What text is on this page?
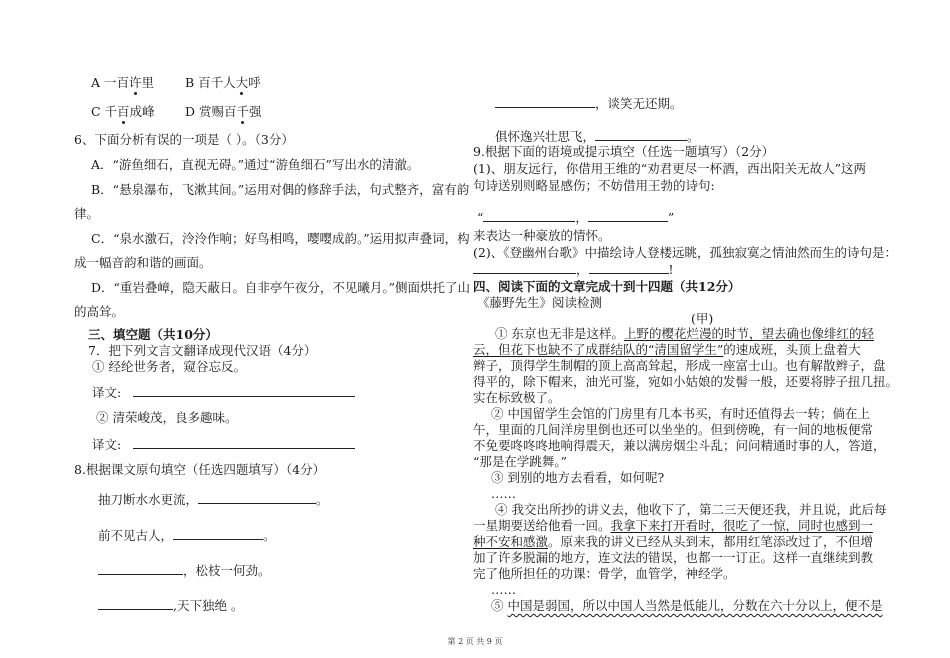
A 一百许里 B 百千人大呼
C 千百成峰 D 赏赐百千强
6、下面分析有误的一项是（ ）。（3分）
A．“游鱼细石，直视无碍。”通过“游鱼细石”写出水的清澈。
B．“悬泉瀑布，飞漱其间。”运用对偶的修辞手法，句式整齐，富有韵
律。
C．“泉水激石，泠泠作响；好鸟相鸣，嘤嘤成韵。”运用拟声叠词，构
成一幅音韵和谐的画面。
D．“重岩叠嶂，隐天蔽日。自非亭午夜分，不见曦月。”侧面烘托了山
的高耸。
三、填空题（共10分）
7．把下列文言文翻译成现代汉语（4分）
① 经纶世务者，窥谷忘反。
译文:
② 清荣峻茂，良多趣味。
译文:
8.根据课文原句填空（任选四题填写）（4分）
抽刀断水水更流，	。
前不见古人，	。
，松枝一何劲。
,天下独绝 。
，谈笑无还期。
俱怀逸兴壮思飞，	。
9.根据下面的语境或提示填空（任选一题填写）（2分）
(1)、朋友远行，你借用王维的“劝君更尽一杯酒，西出阳关无故人”这两
句诗送别则略显感伤；不妨借用王勃的诗句:
“	，	”
来表达一种豪放的情怀。
(2)、《登幽州台歌》中描绘诗人登楼远眺，孤独寂寞之情油然而生的诗句是：
，	!
四、阅读下面的文章完成十到十四题（共12分）
《藤野先生》阅读检测
(甲)
① 东京也无非是这样。上野的樱花烂漫的时节，望去确也像绯红的轻
云，但花下也缺不了成群结队的“清国留学生”的速成班，头顶上盘着大
辫子，顶得学生制帽的顶上高高耸起，形成一座富士山。也有解散辫子，盘
得平的，除下帽来，油光可鉴，宛如小姑娘的发髻一般，还要将脖子扭几扭。
实在标致极了。
② 中国留学生会馆的门房里有几本书买，有时还值得去一转；倘在上
午，里面的几间洋房里倒也还可以坐坐的。但到傍晚，有一间的地板便常
不免要咚咚咚地响得震天，兼以满房烟尘斗乱；问问精通时事的人，答道，
“那是在学跳舞。”
③ 到别的地方去看看，如何呢?
……
④ 我交出所抄的讲义去，他收下了，第二三天便还我，并且说，此后每
一星期要送给他看一回。我拿下来打开看时，很吃了一惊，同时也感到一
种不安和感激。原来我的讲义已经从头到末，都用红笔添改过了，不但增
加了许多脱漏的地方，连文法的错误，也都一一订正。这样一直继续到教
完了他所担任的功课：骨学，血管学，神经学。
……
⑤ 中国是弱国，所以中国人当然是低能儿，分数在六十分以上，便不是
第 2 页 共 9 页
